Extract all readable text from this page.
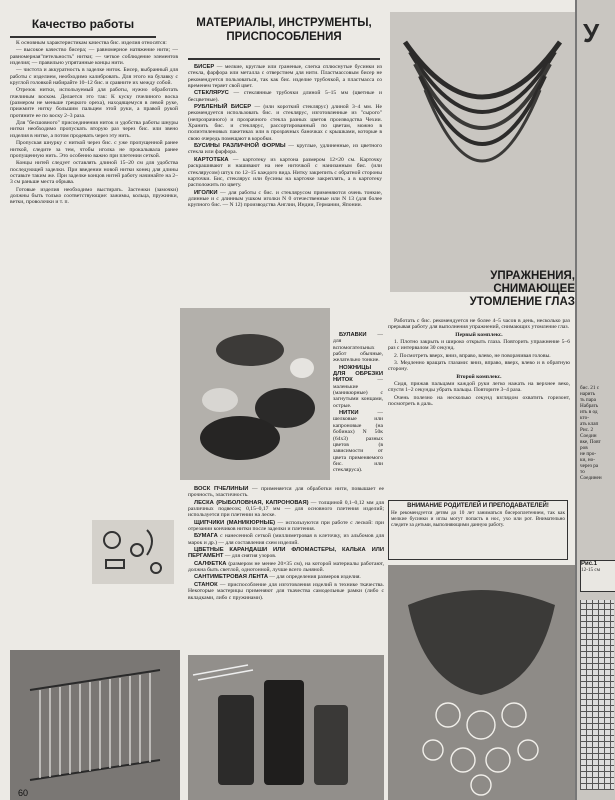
Качество работы

К основным характеристикам качества бис. изделия относятся:

— высокое качество бисера; — равномерное натяжение нити; — равномерная"петельность" нитки; — четкое соблюдение элементов изделия; — правильно упрятанные концы нити.

— чистота и аккуратность в заделке ниток. Бисер, выбранный для работы с изделием, необходимо калибровать. Для этого на булавку с круглой головкой набирайте 10–12 бис. и сравните их между собой.

Отрезок нитки, используемый для работы, нужно обработать пчелиным воском. Делается это так: К куску пчелиного воска (размером не меньше грецкого ореха), находящемуся в левой руке, прижмите нитку большим пальцем этой руки, а правой рукой протяните ее по воску 2–3 раза.

Для "бесшовного" присоединения ниток и удобства работы шнуры нитки необходимо пропускать вторую раз через бис. или звено изделия в нитке, а потом продевать через эту нить.

Пропуская шнурку с ниткой через бис. с уже пропущенной ранее ниткой, следите за тем, чтобы иголка не прокалывала ранее пропущенную нить. Это особенно важно при плетении сеткой.

Концы нитей следует оставлять длиной 15–20 см для удобства последующей заделки. При введении новой нитки конец для длины оставьте таким же. При заделке концов нитей работу начинайте на 2–3 см раньше места обрыва.

Готовые изделия необходимо выстирать. Застежки (замочки) должны быть только соответствующие: зажимы, кольца, пружинки, ветки, проволочки и т. п.

60
МАТЕРИАЛЫ, ИНСТРУМЕНТЫ, ПРИСПОСОБЛЕНИЯ

БИСЕР — мелкие, круглые или граненые, слегка сплюснутые бусинки из стекла, фарфора или металла с отверстием для нити. Пластмассовым бисер не рекомендуется пользоваться, так как бис. изделие трубочкой, а пластмасса со временем теряет свой цвет.

СТЕКЛЯРУС — стеклянные трубочки длиной 5–15 мм (цветные и бесцветные).

РУБЛЕНЫЙ БИСЕР — (или короткий стеклярус) длиной 3–4 мм. Не рекомендуется использовать бис. и стеклярус, изготовленные из "сырого" (непрозрачного) и прозрачного стекла разных цветов производства Чехии. Хранить бис. и стеклярус, рассортированный по цветам, можно в полиэтиленовых пакетиках или в прозрачных баночках с крышками, которые в свою очередь помещают в коробки.

БУСИНЫ РАЗЛИЧНОЙ ФОРМЫ — круглые, удлиненные, из цветного стекла или фарфора.

КАРТОТЕКА — картотеку из картона размером 12×20 см. Карточку раскрашивают и нашивают на нее ниточкой с нанизанным бис. (или стеклярусом) штук по 12–15 каждого вида. Нитку закрепить с обратной стороны карточки. Бис, стеклярус или бусины на карточке закреплять, а в картотеку расположить по цвету.

ИГОЛКИ — для работы с бис. и стеклярусом применяются очень тонкие, длинные и с длинным ушком иголки N 0 отечественные или N 13 (для более крупного бис. — N 12) производства Англии, Индии, Германии, Японии.

БУЛАВКИ — для вспомогательных работ обычные, желательно тонкие.

НОЖНИЦЫ ДЛЯ ОБРЕЗКИ НИТОК	— маленькие (маникюрные) с загнутыми концами, острые.

НИТКИ	— шелковые или капроновые (на бобинах) N 50к (64х3) разных цветов (в зависимости от цвета применяемого бис. или стекляруса).

ВОСК ПЧЕЛИНЫЙ — применяется для обработки нити, повышает ее прочность, эластичность.

ЛЕСКА (РЫБОЛОВНАЯ, КАПРОНОВАЯ) — толщиной 0,1–0,12 мм для различных подвесок; 0,15–0,17 мм — для основного плетения изделий; используется при плетении на леске.

ЩИПЧИКИ (МАНИКЮРНЫЕ) — используются при работе с леской: при отрезании кончиков нитки после заделки и плетения.

БУМАГА с нанесенной сеткой (миллиметровая в клеточку, из альбомов для марок и др.) — для составления схем изделий.

ЦВЕТНЫЕ КАРАНДАШИ ИЛИ ФЛОМАСТЕРЫ, КАЛЬКА ИЛИ ПЕРГАМЕНТ — для снятия узоров.

САЛФЕТКА (размером не менее 20×35 см), на которой материалы работают, должна быть светлой, однотонной, лучше всего льняной.

САНТИМЕТРОВАЯ ЛЕНТА — для определения размеров изделия.

СТАНОК — приспособление для изготовления изделий в технике ткачества. Некоторые мастерицы применяют для ткачества самодельные рамки (либо с вкладками, либо с пружинами).

УПРАЖНЕНИЯ, СНИМАЮЩЕЕ УТОМЛЕНИЕ ГЛАЗ

Работать с бис. рекомендуется не более 4–5 часов в день, несколько раз прерывая работу для выполнения упражнений, снимающих утомление глаз.

Первый комплекс.

1. Плотно закрыть и широко открыть глаза. Повторить упражнение 5–6 раз с интервалом 30 секунд.

2. Посмотреть вверх, вниз, вправо, влево, не поворачивая головы.

3. Медленно вращать глазами: вниз, вправо, вверх, влево и в обратную сторону.

Второй комплекс.

Сидя, прижав пальцами каждой руки легко нажать на верхнее веко, спустя 1–2 секунды убрать пальцы. Повторите 3–4 раза.

Очень полезно на несколько секунд взглядом охватить горизонт, посмотреть в даль.

ВНИМАНИЕ РОДИТЕЛЕЙ И ПРЕПОДАВАТЕЛЕЙ!
Не рекомендуется детям до 10 лет заниматься бисероплетением, так как мелкие бусинки и иглы могут попасть в нос, ухо или рот. Внимательно следите за детьми, выполняющими данную работу.
У
бис. 21 с
нарить
ть пара
Набрать
ить в од
кто-
ать клап
Рис. 2
Соедин
вке, Повт
ров
не про-
ки, но-
через ра
то
Соединен
Рис.1
12-15 см
